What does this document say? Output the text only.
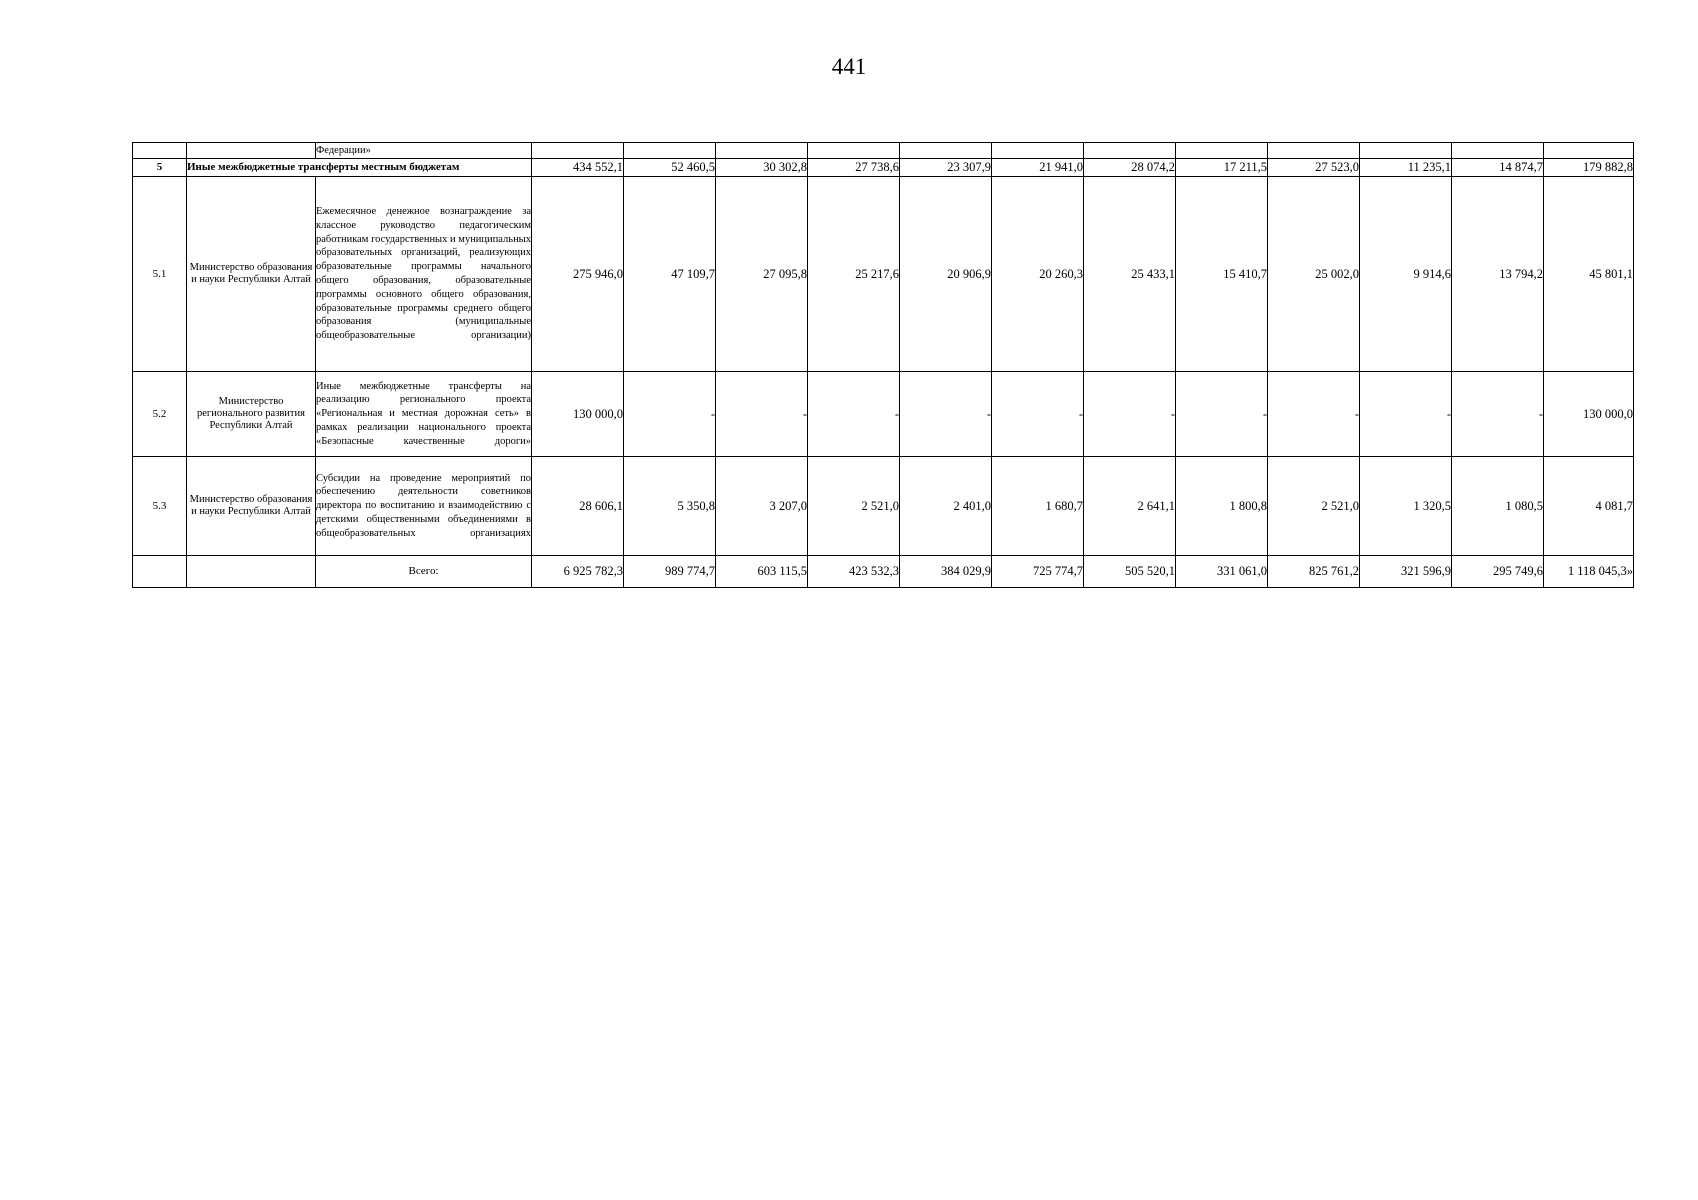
441
		Федерации»												
5	Иные межбюджетные трансферты местным бюджетам		434 552,1	52 460,5	30 302,8	27 738,6	23 307,9	21 941,0	28 074,2	17 211,5	27 523,0	11 235,1	14 874,7	179 882,8
5.1	Министерство образования и науки Республики Алтай	Ежемесячное денежное вознаграждение за классное руководство педагогическим работникам государственных и муниципальных образовательных организаций, реализующих образовательные программы начального общего образования, образовательные программы основного общего образования, образовательные программы среднего общего образования (муниципальные общеобразовательные организации)	275 946,0	47 109,7	27 095,8	25 217,6	20 906,9	20 260,3	25 433,1	15 410,7	25 002,0	9 914,6	13 794,2	45 801,1
5.2	Министерство регионального развития Республики Алтай	Иные межбюджетные трансферты на реализацию регионального проекта «Региональная и местная дорожная сеть» в рамках реализации национального проекта «Безопасные качественные дороги»	130 000,0	-	-	-	-	-	-	-	-	-	-	130 000,0
5.3	Министерство образования и науки Республики Алтай	Субсидии на проведение мероприятий по обеспечению деятельности советников директора по воспитанию и взаимодействию с детскими общественными объединениями в общеобразовательных организациях	28 606,1	5 350,8	3 207,0	2 521,0	2 401,0	1 680,7	2 641,1	1 800,8	2 521,0	1 320,5	1 080,5	4 081,7
		Всего:	6 925 782,3	989 774,7	603 115,5	423 532,3	384 029,9	725 774,7	505 520,1	331 061,0	825 761,2	321 596,9	295 749,6	1 118 045,3»
